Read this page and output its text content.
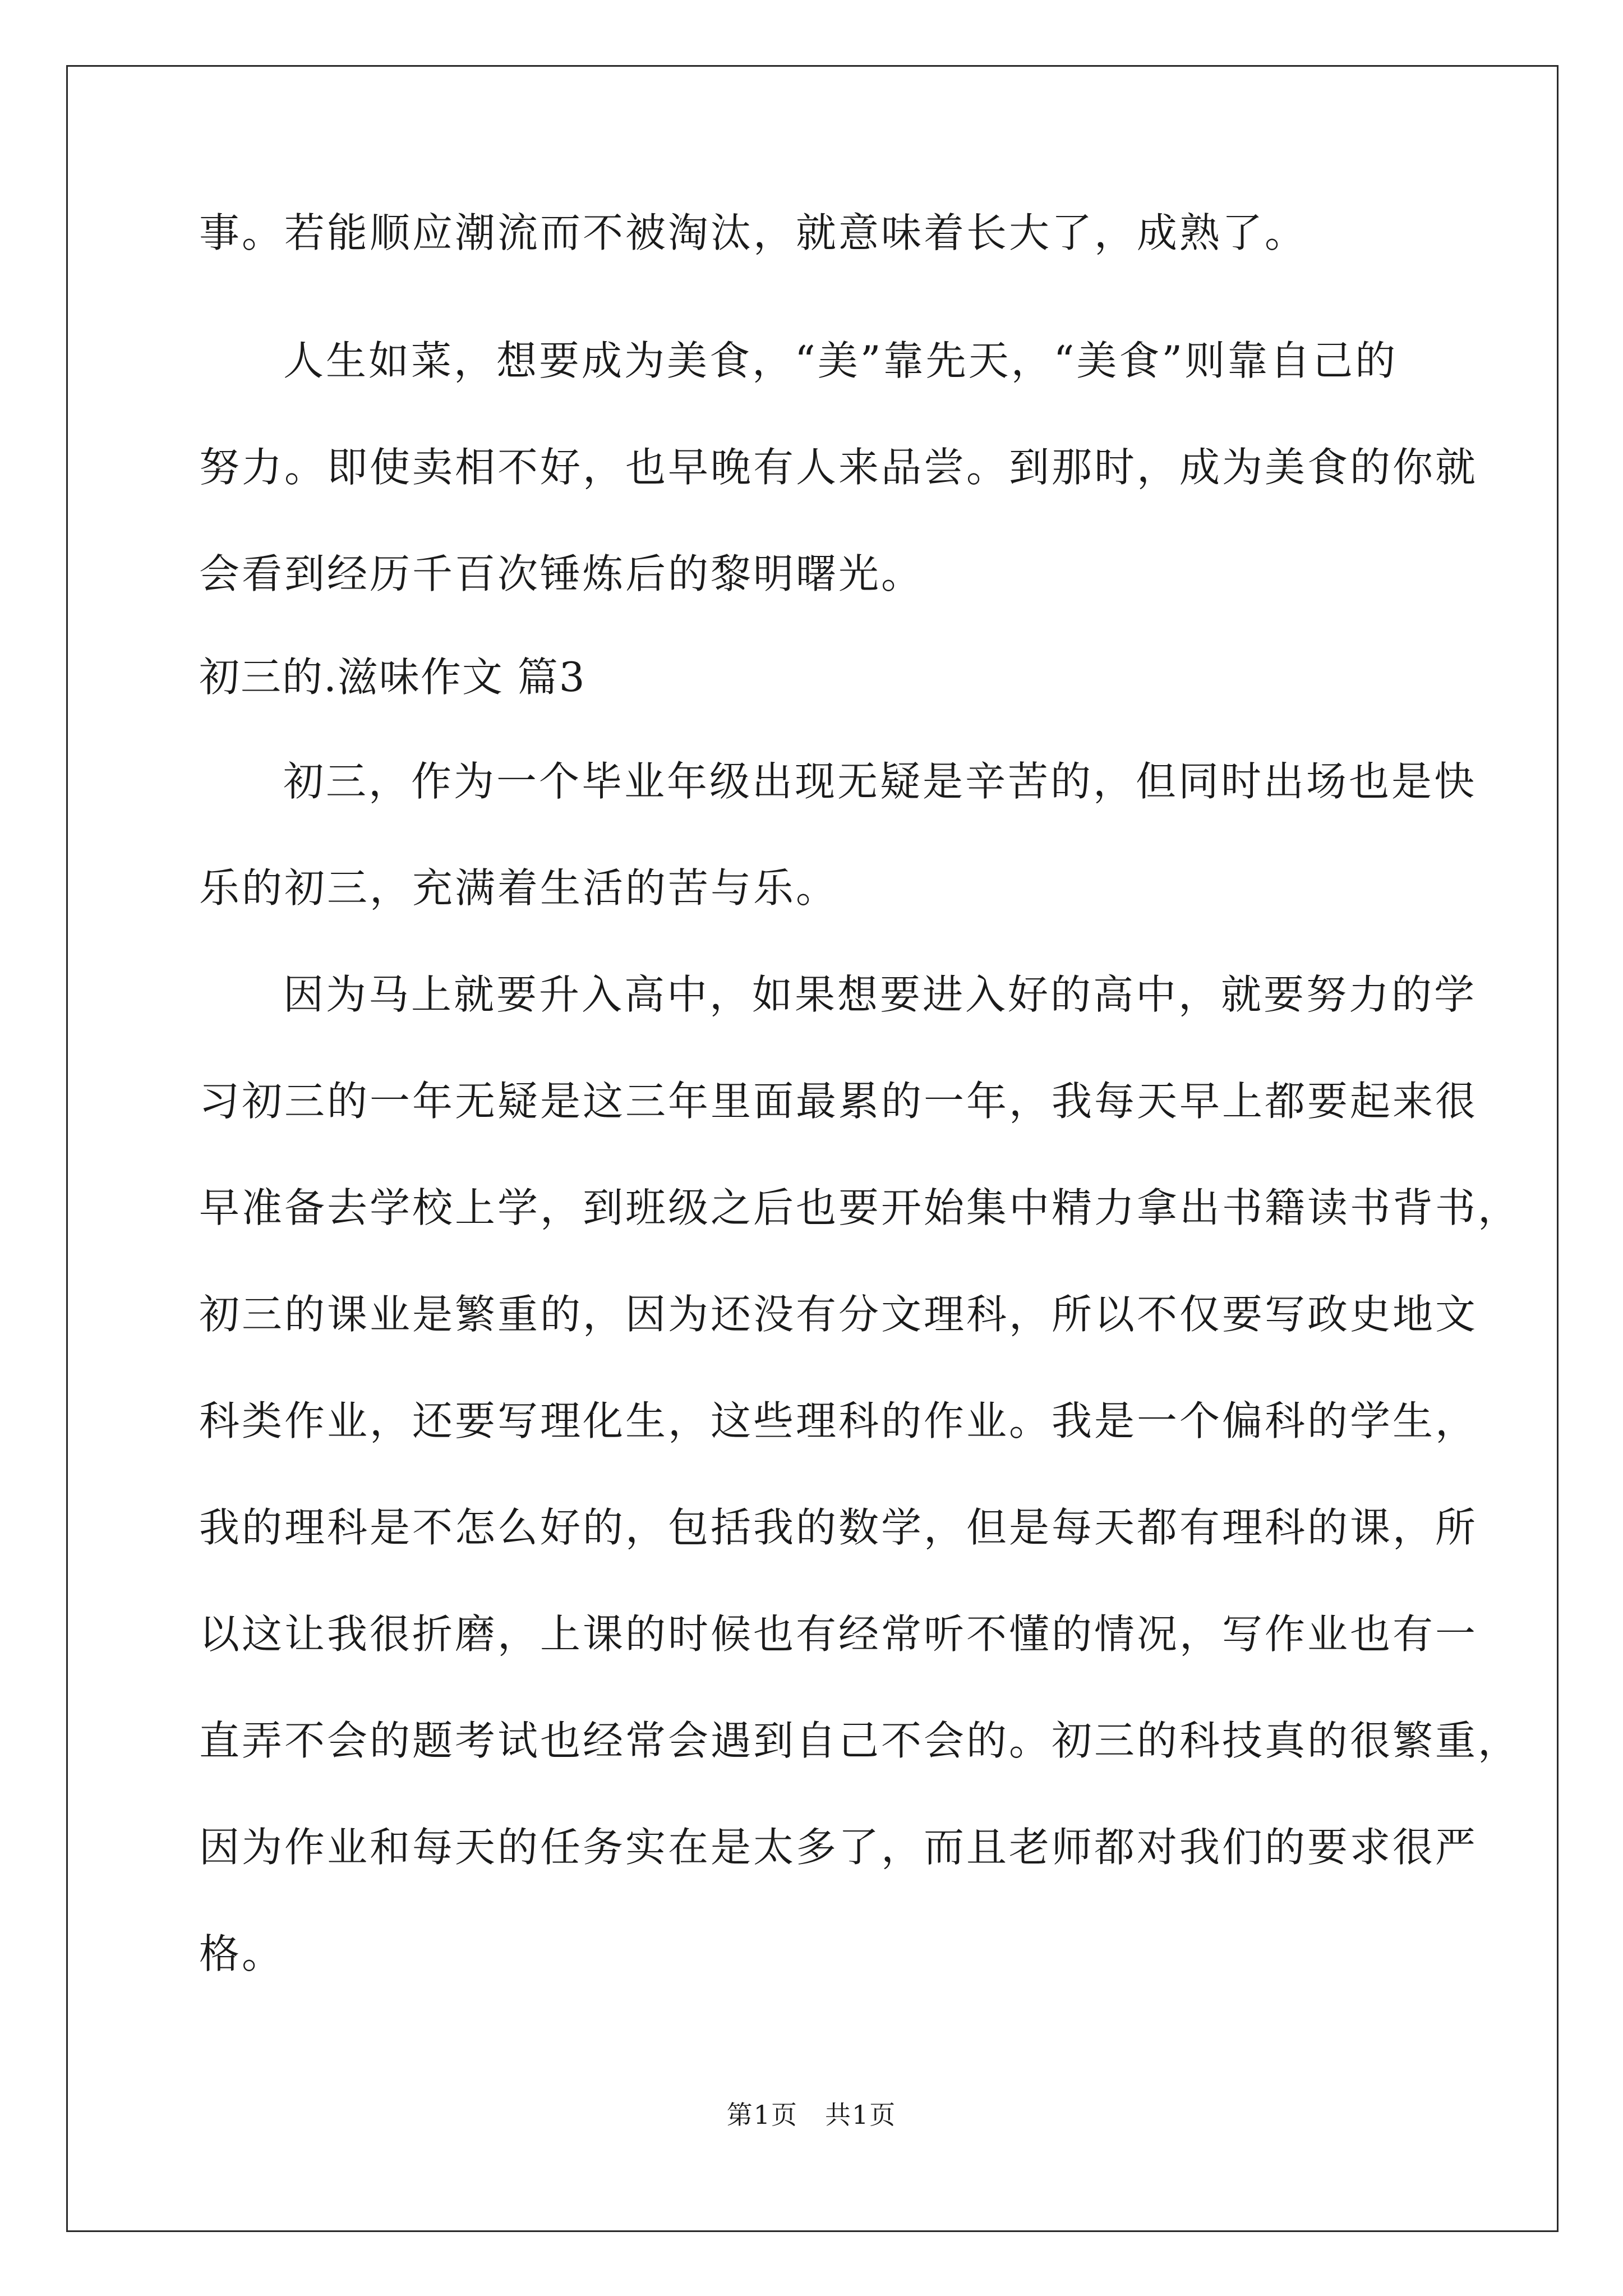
事。若能顺应潮流而不被淘汰，就意味着长大了，成熟了。
人生如菜，想要成为美食，“美”靠先天，“美食”则靠自己的
努力。即使卖相不好，也早晚有人来品尝。到那时，成为美食的你就
会看到经历千百次锤炼后的黎明曙光。
初三的.滋味作文 篇3
初三，作为一个毕业年级出现无疑是辛苦的，但同时出场也是快
乐的初三，充满着生活的苦与乐。
因为马上就要升入高中，如果想要进入好的高中，就要努力的学
习初三的一年无疑是这三年里面最累的一年，我每天早上都要起来很
早准备去学校上学，到班级之后也要开始集中精力拿出书籍读书背书，
初三的课业是繁重的，因为还没有分文理科，所以不仅要写政史地文
科类作业，还要写理化生，这些理科的作业。我是一个偏科的学生，
我的理科是不怎么好的，包括我的数学，但是每天都有理科的课，所
以这让我很折磨，上课的时候也有经常听不懂的情况，写作业也有一
直弄不会的题考试也经常会遇到自己不会的。初三的科技真的很繁重，
因为作业和每天的任务实在是太多了，而且老师都对我们的要求很严
格。
第1页　共1页
